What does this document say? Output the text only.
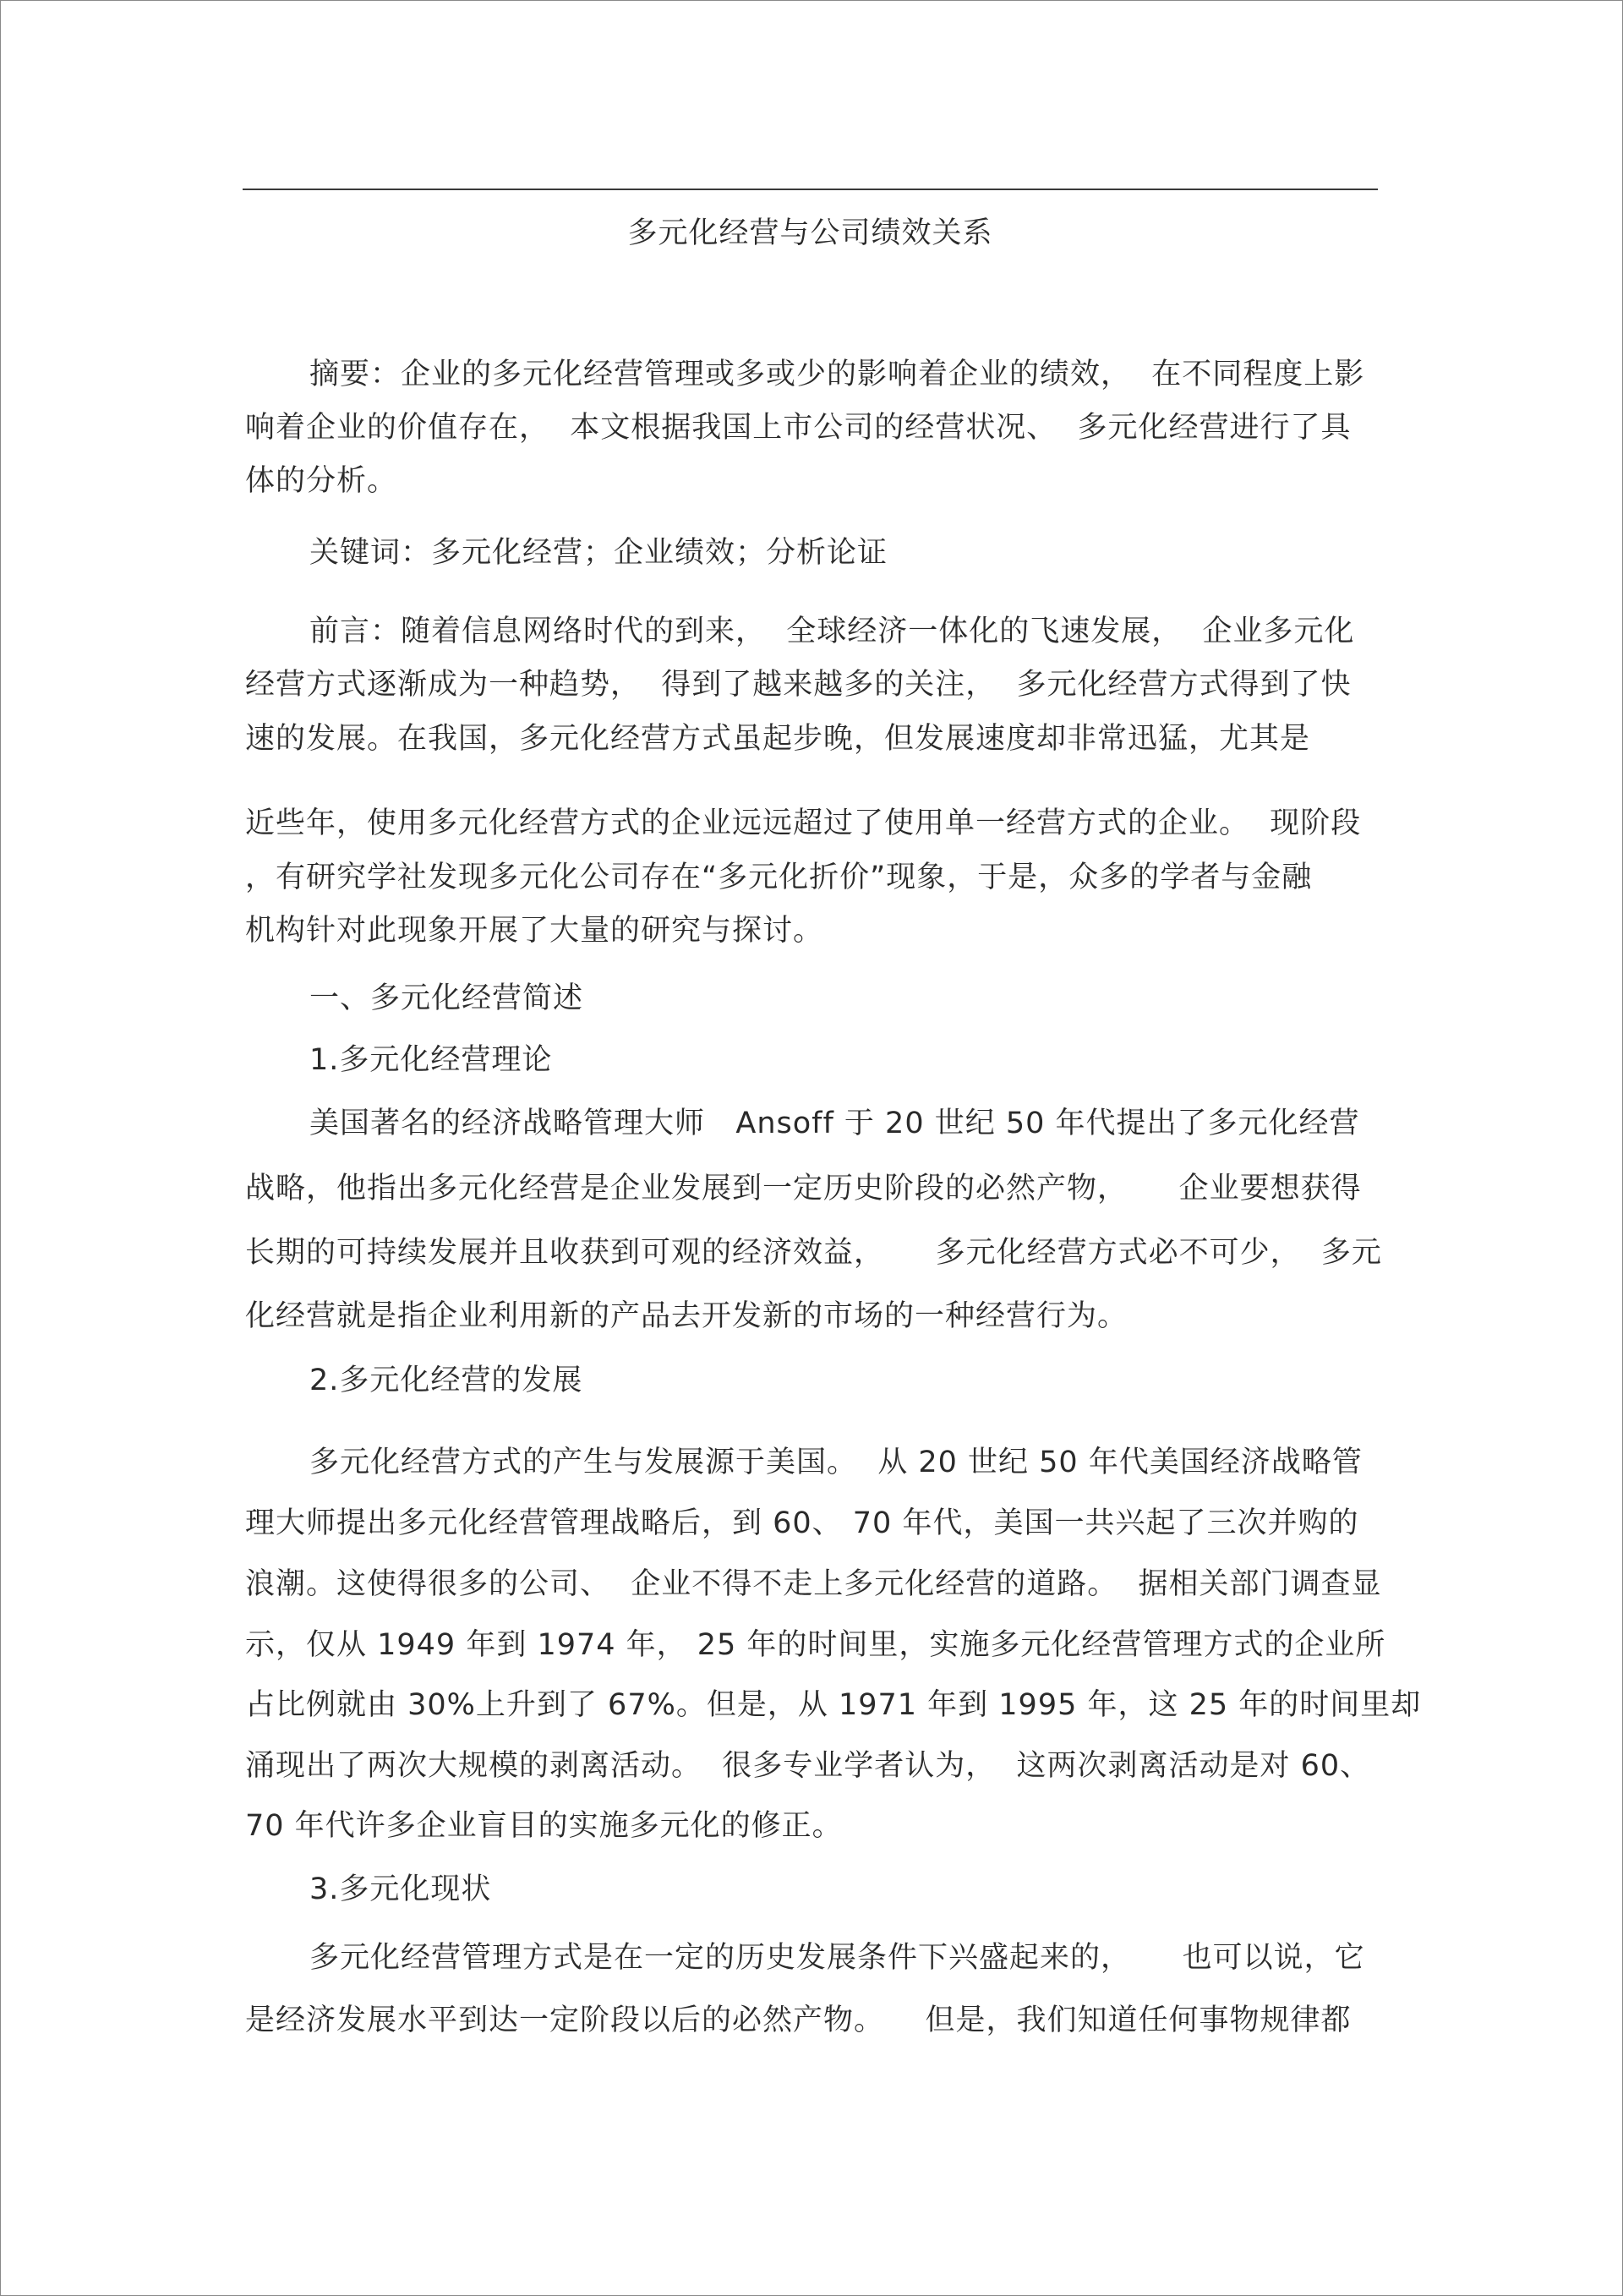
多元化经营与公司绩效关系
摘要：企业的多元化经营管理或多或少的影响着企业的绩效，  在不同程度上影
响着企业的价值存在，  本文根据我国上市公司的经营状况、  多元化经营进行了具
体的分析。
关键词：多元化经营；企业绩效；分析论证
前言：随着信息网络时代的到来，  全球经济一体化的飞速发展，  企业多元化
经营方式逐渐成为一种趋势，  得到了越来越多的关注，  多元化经营方式得到了快
速的发展。在我国，多元化经营方式虽起步晚，但发展速度却非常迅猛，尤其是
近些年，使用多元化经营方式的企业远远超过了使用单一经营方式的企业。  现阶段
，有研究学社发现多元化公司存在“多元化折价”现象，于是，众多的学者与金融
机构针对此现象开展了大量的研究与探讨。
一、多元化经营简述
1.多元化经营理论
美国著名的经济战略管理大师   Ansoff 于 20 世纪 50 年代提出了多元化经营
战略，他指出多元化经营是企业发展到一定历史阶段的必然产物，     企业要想获得
长期的可持续发展并且收获到可观的经济效益，     多元化经营方式必不可少，  多元
化经营就是指企业利用新的产品去开发新的市场的一种经营行为。
2.多元化经营的发展
多元化经营方式的产生与发展源于美国。  从 20 世纪 50 年代美国经济战略管
理大师提出多元化经营管理战略后，到 60、 70 年代，美国一共兴起了三次并购的
浪潮。这使得很多的公司、  企业不得不走上多元化经营的道路。  据相关部门调查显
示，仅从 1949 年到 1974 年， 25 年的时间里，实施多元化经营管理方式的企业所
占比例就由 30%上升到了 67%。但是，从 1971 年到 1995 年，这 25 年的时间里却
涌现出了两次大规模的剥离活动。  很多专业学者认为，  这两次剥离活动是对 60、
70 年代许多企业盲目的实施多元化的修正。
3.多元化现状
多元化经营管理方式是在一定的历史发展条件下兴盛起来的，     也可以说，它
是经济发展水平到达一定阶段以后的必然产物。    但是，我们知道任何事物规律都
